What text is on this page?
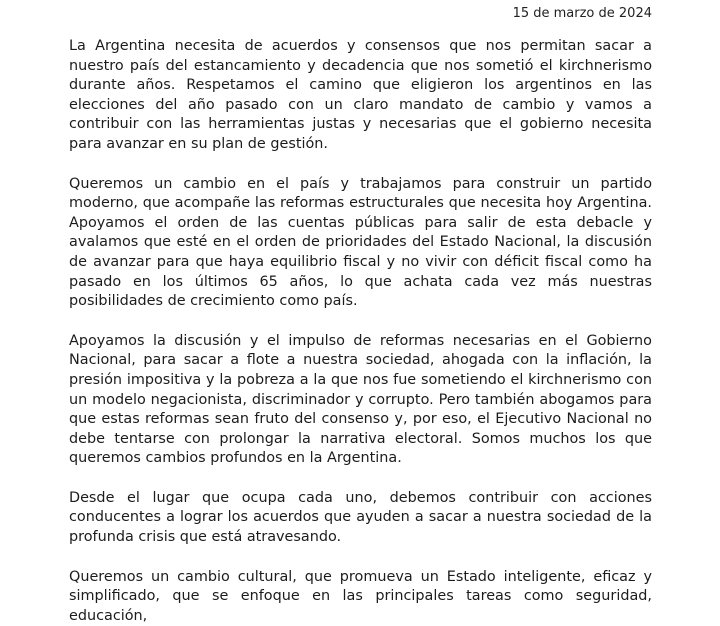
15 de marzo de 2024

La Argentina necesita de acuerdos y consensos que nos permitan sacar a nuestro país del estancamiento y decadencia que nos sometió el kirchnerismo durante años. Respetamos el camino que eligieron los argentinos en las elecciones del año pasado con un claro mandato de cambio y vamos a contribuir con las herramientas justas y necesarias que el gobierno necesita para avanzar en su plan de gestión.

Queremos un cambio en el país y trabajamos para construir un partido moderno, que acompañe las reformas estructurales que necesita hoy Argentina. Apoyamos el orden de las cuentas públicas para salir de esta debacle y avalamos que esté en el orden de prioridades del Estado Nacional, la discusión de avanzar para que haya equilibrio fiscal y no vivir con déficit fiscal como ha pasado en los últimos 65 años, lo que achata cada vez más nuestras posibilidades de crecimiento como país.

Apoyamos la discusión y el impulso de reformas necesarias en el Gobierno Nacional, para sacar a flote a nuestra sociedad, ahogada con la inflación, la presión impositiva y la pobreza a la que nos fue sometiendo el kirchnerismo con un modelo negacionista, discriminador y corrupto. Pero también abogamos para que estas reformas sean fruto del consenso y, por eso, el Ejecutivo Nacional no debe tentarse con prolongar la narrativa electoral. Somos muchos los que queremos cambios profundos en la Argentina.

Desde el lugar que ocupa cada uno, debemos contribuir con acciones conducentes a lograr los acuerdos que ayuden a sacar a nuestra sociedad de la profunda crisis que está atravesando.

Queremos un cambio cultural, que promueva un Estado inteligente, eficaz y simplificado, que se enfoque en las principales tareas como seguridad, educación,
